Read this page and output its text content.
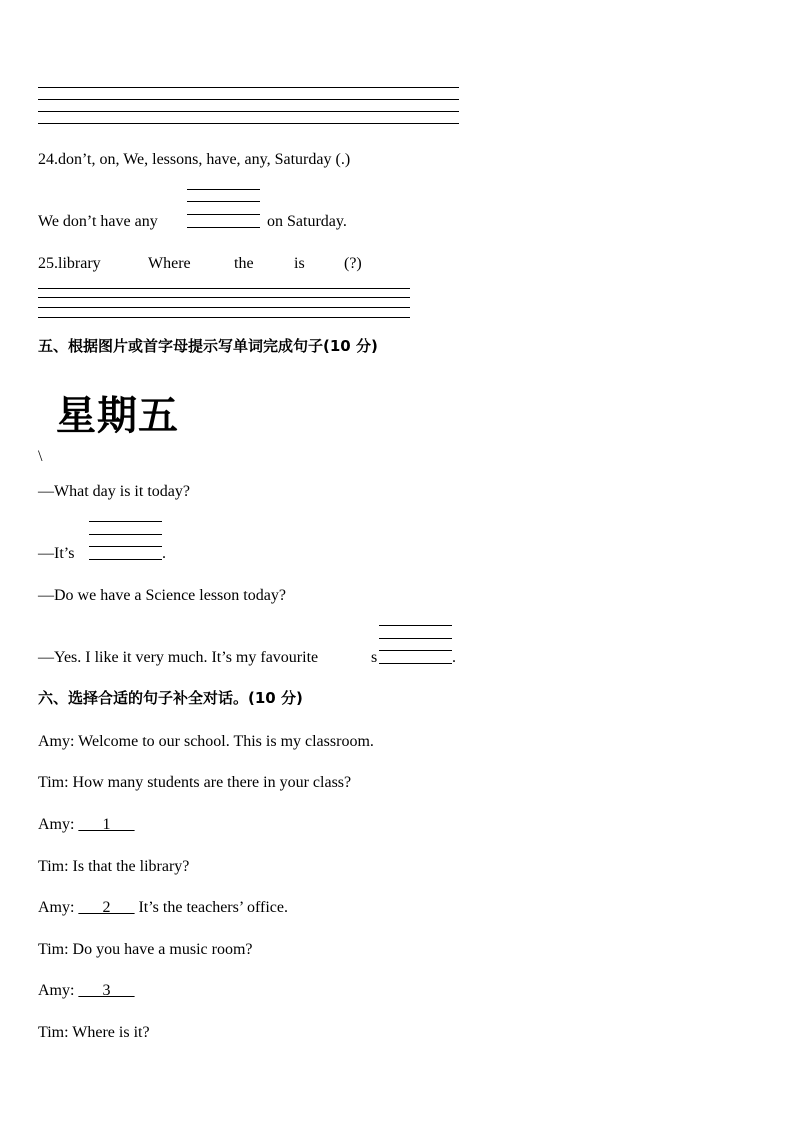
24.don’t, on, We, lessons, have, any, Saturday (.)
We don’t have any	on Saturday.
25.library	Where	the	is (?)
五、根据图片或首字母提示写单词完成句子(10 分)
星期五
\
—What day is it today?
—It’s	.
—Do we have a Science lesson today?
—Yes. I like it very much. It’s my favourite	s	.
六、选择合适的句子补全对话。(10 分)
Amy: Welcome to our school. This is my classroom.
Tim: How many students are there in your class?
Amy: ___1___
Tim: Is that the library?
Amy: ___2___ It’s the teachers’ office.
Tim: Do you have a music room?
Amy: ___3___
Tim: Where is it?
